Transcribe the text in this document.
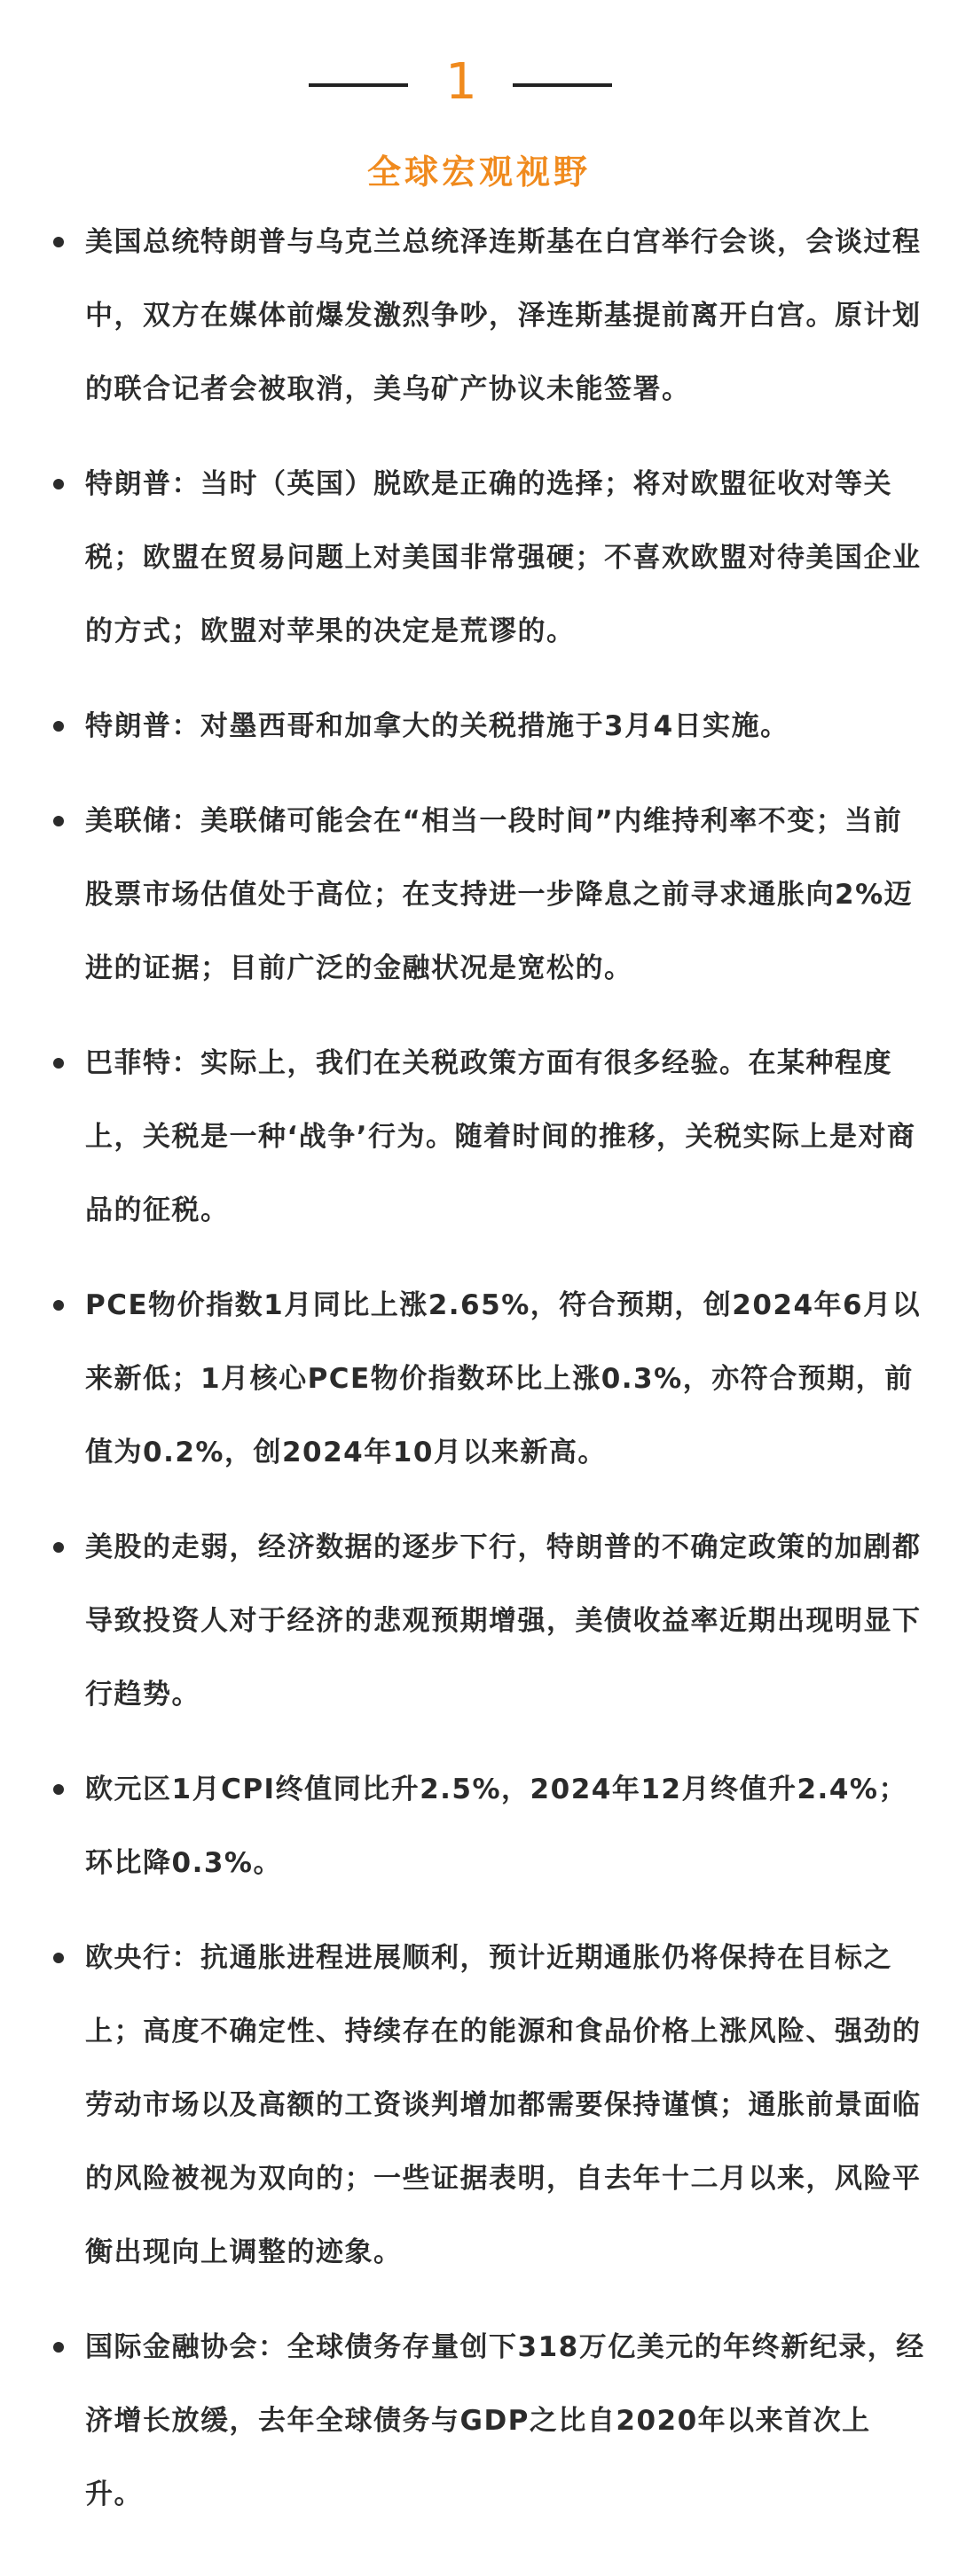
1
全球宏观视野
美国总统特朗普与乌克兰总统泽连斯基在白宫举行会谈，会谈过程中，双方在媒体前爆发激烈争吵，泽连斯基提前离开白宫。原计划的联合记者会被取消，美乌矿产协议未能签署。
特朗普：当时（英国）脱欧是正确的选择；将对欧盟征收对等关税；欧盟在贸易问题上对美国非常强硬；不喜欢欧盟对待美国企业的方式；欧盟对苹果的决定是荒谬的。
特朗普：对墨西哥和加拿大的关税措施于3月4日实施。
美联储：美联储可能会在“相当一段时间”内维持利率不变；当前股票市场估值处于高位；在支持进一步降息之前寻求通胀向2%迈进的证据；目前广泛的金融状况是宽松的。
巴菲特：实际上，我们在关税政策方面有很多经验。在某种程度上，关税是一种‘战争’行为。随着时间的推移，关税实际上是对商品的征税。
PCE物价指数1月同比上涨2.65%，符合预期，创2024年6月以来新低；1月核心PCE物价指数环比上涨0.3%，亦符合预期，前值为0.2%，创2024年10月以来新高。
美股的走弱，经济数据的逐步下行，特朗普的不确定政策的加剧都导致投资人对于经济的悲观预期增强，美债收益率近期出现明显下行趋势。
欧元区1月CPI终值同比升2.5%，2024年12月终值升2.4%；环比降0.3%。
欧央行：抗通胀进程进展顺利，预计近期通胀仍将保持在目标之上；高度不确定性、持续存在的能源和食品价格上涨风险、强劲的劳动市场以及高额的工资谈判增加都需要保持谨慎；通胀前景面临的风险被视为双向的；一些证据表明，自去年十二月以来，风险平衡出现向上调整的迹象。
国际金融协会：全球债务存量创下318万亿美元的年终新纪录，经济增长放缓，去年全球债务与GDP之比自2020年以来首次上升。
